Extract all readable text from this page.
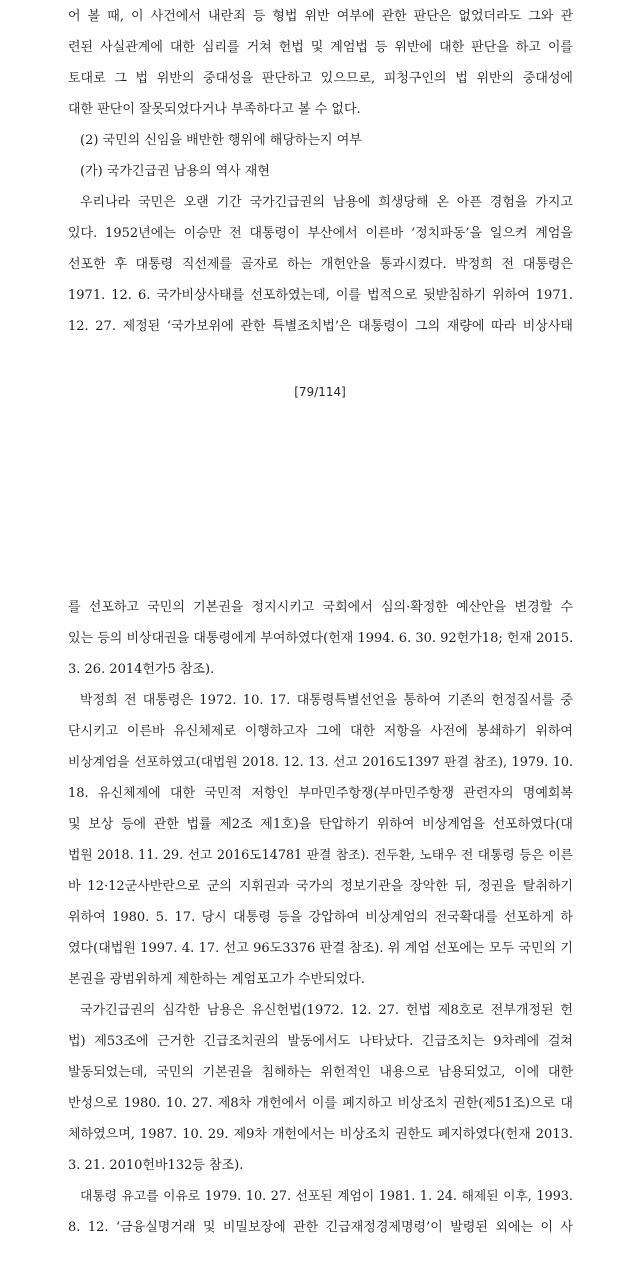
어 볼 때, 이 사건에서 내란죄 등 형법 위반 여부에 관한 판단은 없었더라도 그와 관
련된 사실관계에 대한 심리를 거쳐 헌법 및 계엄법 등 위반에 대한 판단을 하고 이를
토대로 그 법 위반의 중대성을 판단하고 있으므로, 피청구인의 법 위반의 중대성에
대한 판단이 잘못되었다거나 부족하다고 볼 수 없다.
(2) 국민의 신임을 배반한 행위에 해당하는지 여부
(가) 국가긴급권 남용의 역사 재현
우리나라 국민은 오랜 기간 국가긴급권의 남용에 희생당해 온 아픈 경험을 가지고
있다. 1952년에는 이승만 전 대통령이 부산에서 이른바 ‘정치파동’을 일으켜 계엄을
선포한 후 대통령 직선제를 골자로 하는 개헌안을 통과시켰다. 박정희 전 대통령은
1971. 12. 6. 국가비상사태를 선포하였는데, 이를 법적으로 뒷받침하기 위하여 1971.
12. 27. 제정된 ‘국가보위에 관한 특별조치법’은 대통령이 그의 재량에 따라 비상사태
[79/114]
를 선포하고 국민의 기본권을 정지시키고 국회에서 심의·확정한 예산안을 변경할 수
있는 등의 비상대권을 대통령에게 부여하였다(헌재 1994. 6. 30. 92헌가18; 헌재 2015.
3. 26. 2014헌가5 참조).
박정희 전 대통령은 1972. 10. 17. 대통령특별선언을 통하여 기존의 헌정질서를 중
단시키고 이른바 유신체제로 이행하고자 그에 대한 저항을 사전에 봉쇄하기 위하여
비상계엄을 선포하였고(대법원 2018. 12. 13. 선고 2016도1397 판결 참조), 1979. 10.
18. 유신체제에 대한 국민적 저항인 부마민주항쟁(부마민주항쟁 관련자의 명예회복
및 보상 등에 관한 법률 제2조 제1호)을 탄압하기 위하여 비상계엄을 선포하였다(대
법원 2018. 11. 29. 선고 2016도14781 판결 참조). 전두환, 노태우 전 대통령 등은 이른
바 12·12군사반란으로 군의 지휘권과 국가의 정보기관을 장악한 뒤, 정권을 탈취하기
위하여 1980. 5. 17. 당시 대통령 등을 강압하여 비상계엄의 전국확대를 선포하게 하
였다(대법원 1997. 4. 17. 선고 96도3376 판결 참조). 위 계엄 선포에는 모두 국민의 기
본권을 광범위하게 제한하는 계엄포고가 수반되었다.
국가긴급권의 심각한 남용은 유신헌법(1972. 12. 27. 헌법 제8호로 전부개정된 헌
법) 제53조에 근거한 긴급조치권의 발동에서도 나타났다. 긴급조치는 9차례에 걸쳐
발동되었는데, 국민의 기본권을 침해하는 위헌적인 내용으로 남용되었고, 이에 대한
반성으로 1980. 10. 27. 제8차 개헌에서 이를 폐지하고 비상조치 권한(제51조)으로 대
체하였으며, 1987. 10. 29. 제9차 개헌에서는 비상조치 권한도 폐지하였다(헌재 2013.
3. 21. 2010헌바132등 참조).
대통령 유고를 이유로 1979. 10. 27. 선포된 계엄이 1981. 1. 24. 해제된 이후, 1993.
8. 12. ‘금융실명거래 및 비밀보장에 관한 긴급재정경제명령’이 발령된 외에는 이 사
